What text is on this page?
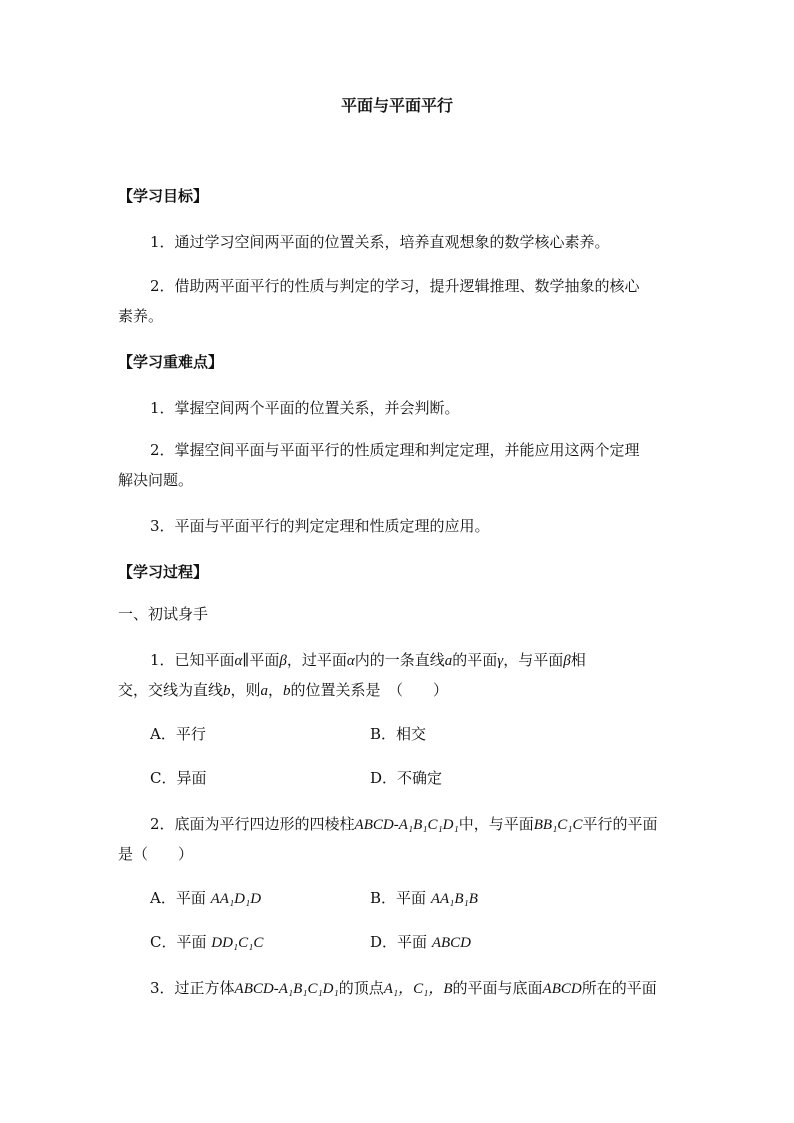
平面与平面平行
【学习目标】
1．通过学习空间两平面的位置关系，培养直观想象的数学核心素养。
2．借助两平面平行的性质与判定的学习，提升逻辑推理、数学抽象的核心
素养。
【学习重难点】
1．掌握空间两个平面的位置关系，并会判断。
2．掌握空间平面与平面平行的性质定理和判定定理，并能应用这两个定理
解决问题。
3．平面与平面平行的判定定理和性质定理的应用。
【学习过程】
一、初试身手
1．已知平面α∥平面β，过平面α内的一条直线a的平面γ，与平面β相
交，交线为直线b，则a，b的位置关系是　（　　）
A．平行	B．相交
C．异面	D．不确定
2．底面为平行四边形的四棱柱ABCD-A₁B₁C₁D₁中，与平面BB₁C₁C平行的平面
是（　　）
A．平面 AA₁D₁D	B．平面 AA₁B₁B
C．平面 DD₁C₁C	D．平面 ABCD
3．过正方体ABCD-A₁B₁C₁D₁的顶点A₁，C₁，B的平面与底面ABCD所在的平面
